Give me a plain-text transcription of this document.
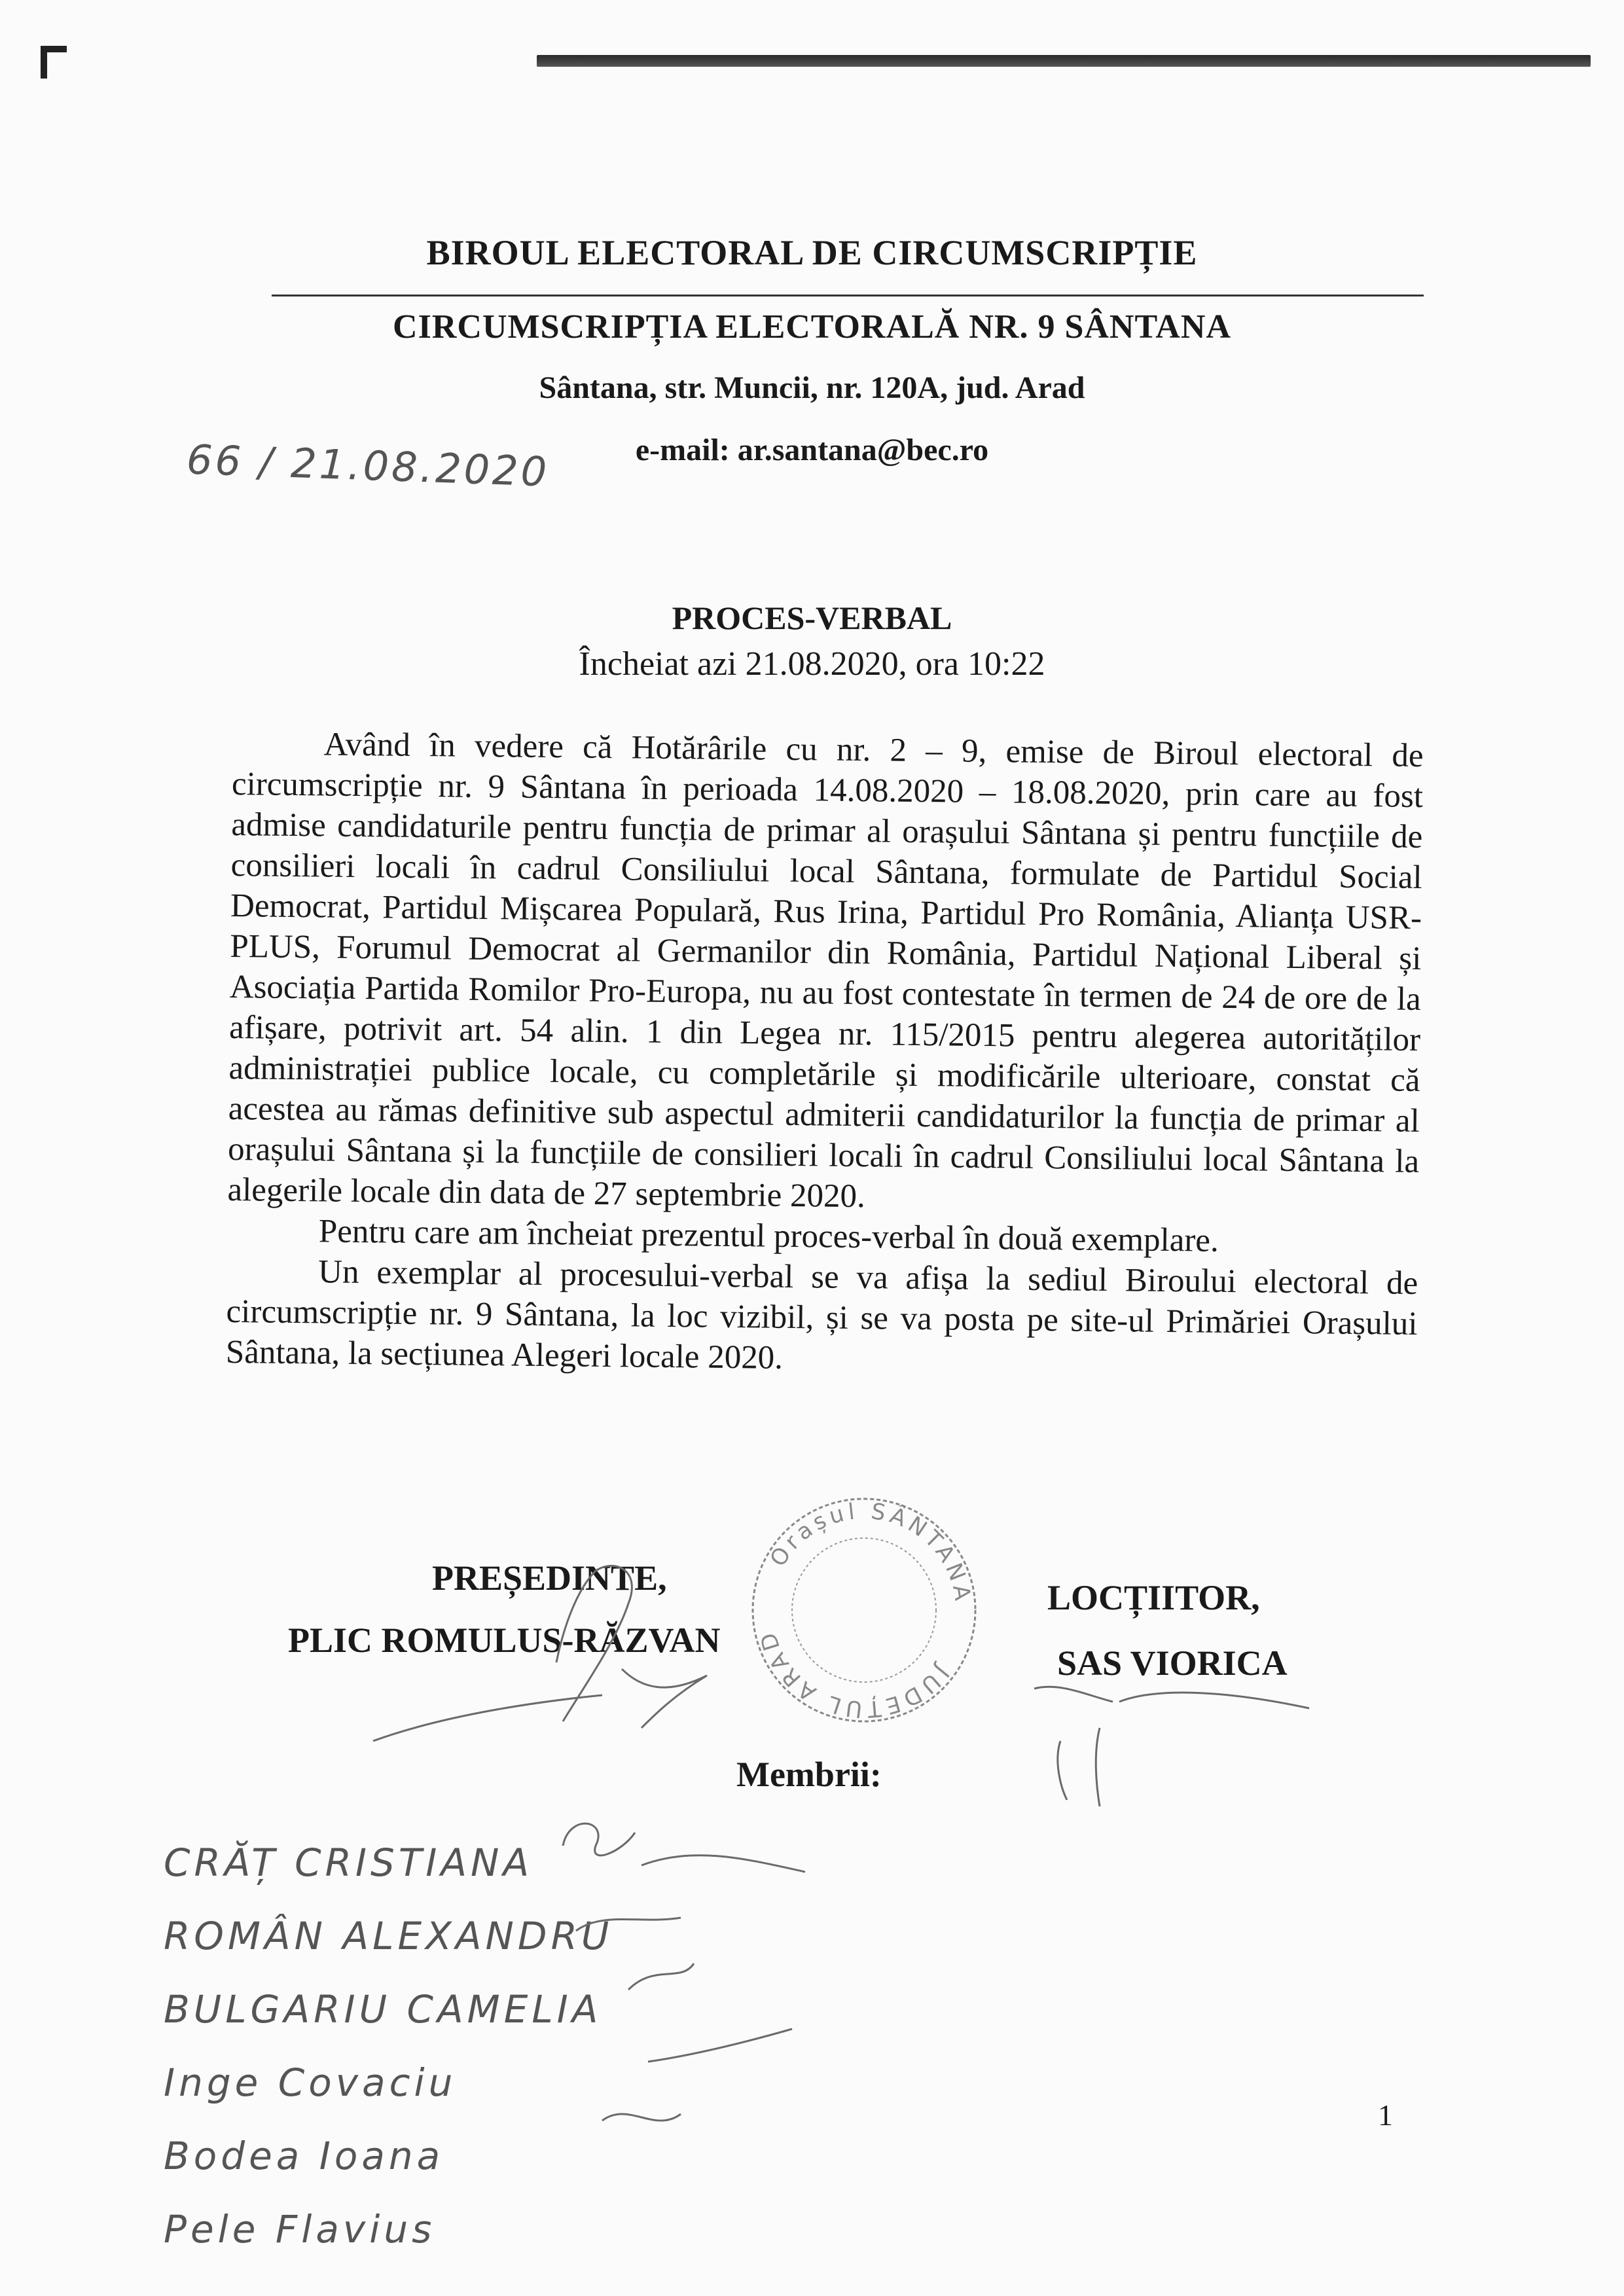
BIROUL ELECTORAL DE CIRCUMSCRIPȚIE
CIRCUMSCRIPȚIA ELECTORALĂ NR. 9 SÂNTANA
Sântana, str. Muncii, nr. 120A, jud. Arad
e-mail: ar.santana@bec.ro
66 / 21.08.2020
PROCES-VERBAL
Încheiat azi 21.08.2020, ora 10:22

Având în vedere că Hotărârile cu nr. 2 – 9, emise de Biroul electoral de circumscripție nr. 9 Sântana în perioada 14.08.2020 – 18.08.2020, prin care au fost admise candidaturile pentru funcția de primar al orașului Sântana și pentru funcțiile de consilieri locali în cadrul Consiliului local Sântana, formulate de Partidul Social Democrat, Partidul Mișcarea Populară, Rus Irina, Partidul Pro România, Alianța USR-PLUS, Forumul Democrat al Germanilor din România, Partidul Național Liberal și Asociația Partida Romilor Pro-Europa, nu au fost contestate în termen de 24 de ore de la afișare, potrivit art. 54 alin. 1 din Legea nr. 115/2015 pentru alegerea autorităților administrației publice locale, cu completările și modificările ulterioare, constat că acestea au rămas definitive sub aspectul admiterii candidaturilor la funcția de primar al orașului Sântana și la funcțiile de consilieri locali în cadrul Consiliului local Sântana la alegerile locale din data de 27 septembrie 2020.

Pentru care am încheiat prezentul proces-verbal în două exemplare.

Un exemplar al procesului-verbal se va afișa la sediul Biroului electoral de circumscripție nr. 9 Sântana, la loc vizibil, și se va posta pe site-ul Primăriei Orașului Sântana, la secțiunea Alegeri locale 2020.

Orașul SÂNTANA
JUDEȚUL ARAD
PREȘEDINTE,
PLIC ROMULUS-RĂZVAN
LOCȚIITOR,
SAS VIORICA
Membrii:
CRĂȚ CRISTIANA
ROMÂN ALEXANDRU
BULGARIU CAMELIA
Inge Covaciu
Bodea Ioana
Pele Flavius
1
